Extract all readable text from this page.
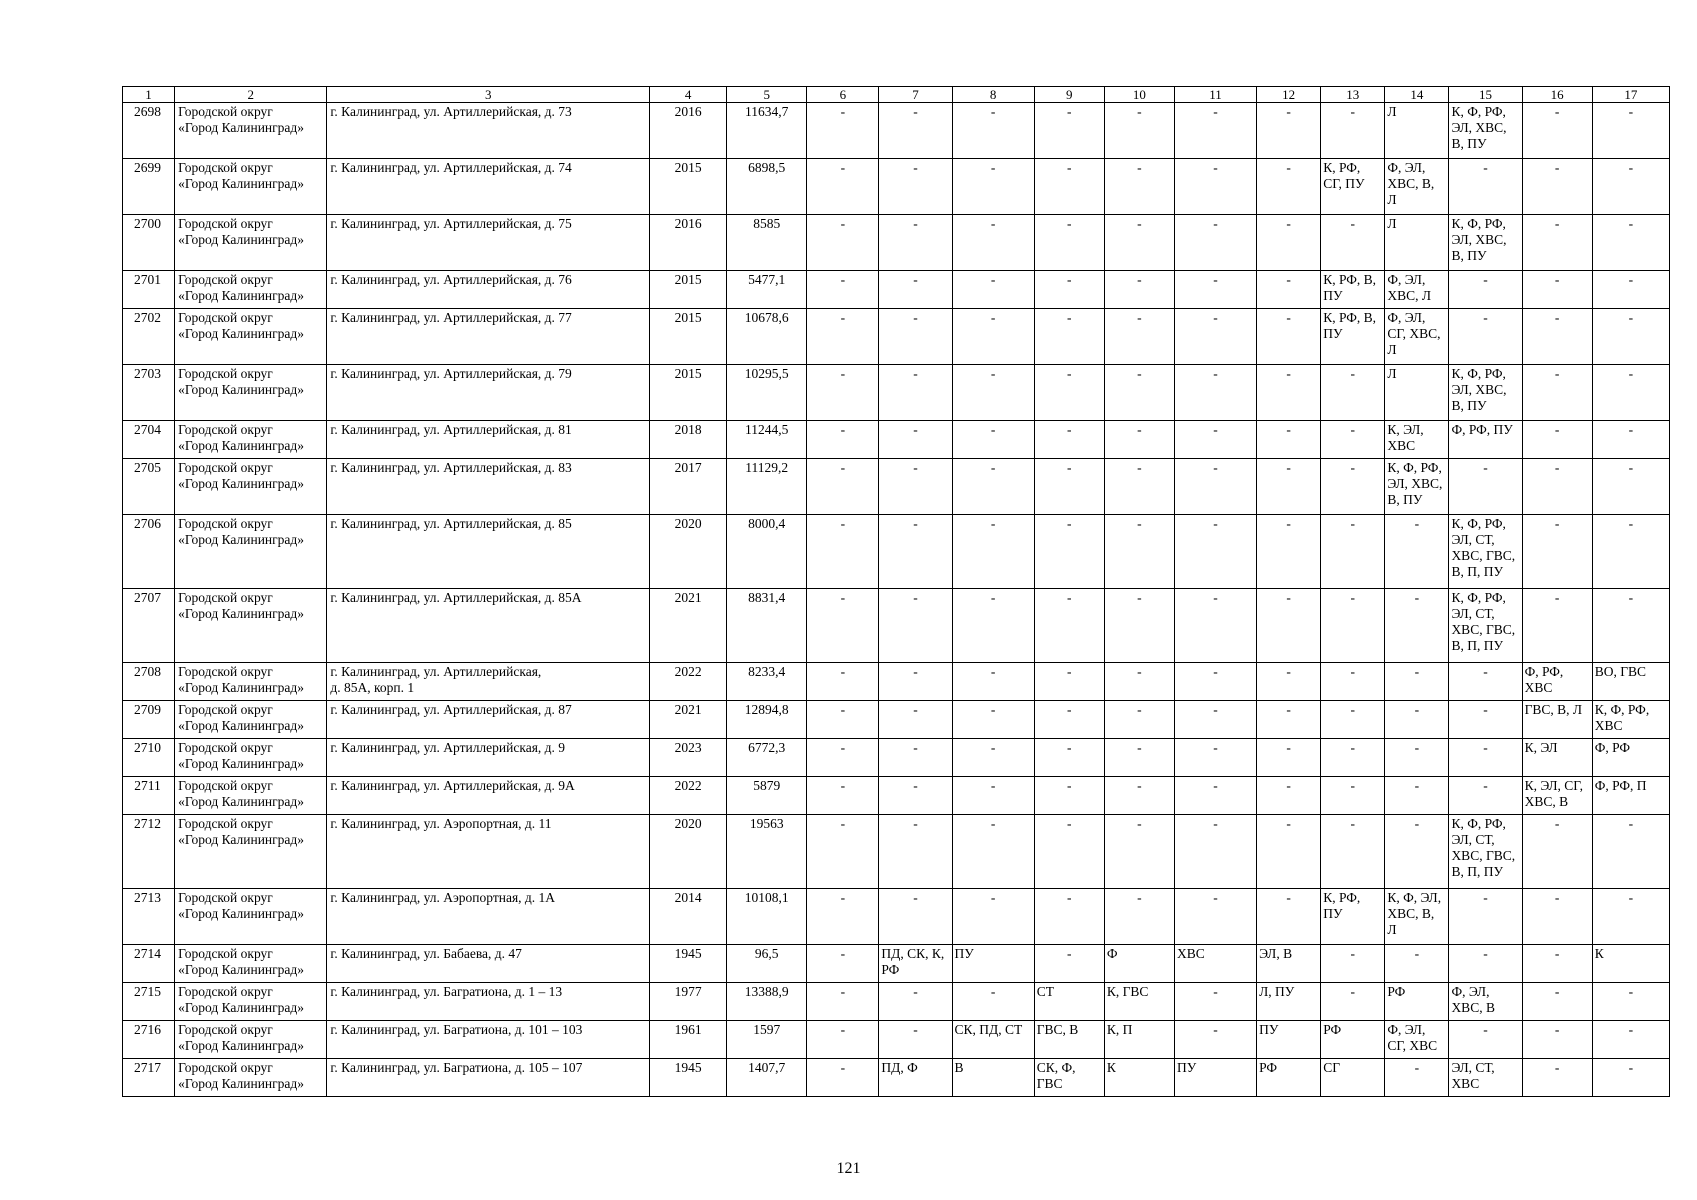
1	2	3	4	5	6	7	8	9	10	11	12	13	14	15	16	17
2698	Городской округ
«Город Калининград»	г. Калининград, ул. Артиллерийская, д. 73	2016	11634,7	-	-	-	-	-	-	-	-	Л	К, Ф, РФ,
ЭЛ, ХВС,
В, ПУ	-	-
2699	Городской округ
«Город Калининград»	г. Калининград, ул. Артиллерийская, д. 74	2015	6898,5	-	-	-	-	-	-	-	К, РФ,
СГ, ПУ	Ф, ЭЛ,
ХВС, В,
Л	-	-	-
2700	Городской округ
«Город Калининград»	г. Калининград, ул. Артиллерийская, д. 75	2016	8585	-	-	-	-	-	-	-	-	Л	К, Ф, РФ,
ЭЛ, ХВС,
В, ПУ	-	-
2701	Городской округ
«Город Калининград»	г. Калининград, ул. Артиллерийская, д. 76	2015	5477,1	-	-	-	-	-	-	-	К, РФ, В,
ПУ	Ф, ЭЛ,
ХВС, Л	-	-	-
2702	Городской округ
«Город Калининград»	г. Калининград, ул. Артиллерийская, д. 77	2015	10678,6	-	-	-	-	-	-	-	К, РФ, В,
ПУ	Ф, ЭЛ,
СГ, ХВС,
Л	-	-	-
2703	Городской округ
«Город Калининград»	г. Калининград, ул. Артиллерийская, д. 79	2015	10295,5	-	-	-	-	-	-	-	-	Л	К, Ф, РФ,
ЭЛ, ХВС,
В, ПУ	-	-
2704	Городской округ
«Город Калининград»	г. Калининград, ул. Артиллерийская, д. 81	2018	11244,5	-	-	-	-	-	-	-	-	К, ЭЛ,
ХВС	Ф, РФ, ПУ	-	-
2705	Городской округ
«Город Калининград»	г. Калининград, ул. Артиллерийская, д. 83	2017	11129,2	-	-	-	-	-	-	-	-	К, Ф, РФ,
ЭЛ, ХВС,
В, ПУ	-	-	-
2706	Городской округ
«Город Калининград»	г. Калининград, ул. Артиллерийская, д. 85	2020	8000,4	-	-	-	-	-	-	-	-	-	К, Ф, РФ,
ЭЛ, СТ,
ХВС, ГВС,
В, П, ПУ	-	-
2707	Городской округ
«Город Калининград»	г. Калининград, ул. Артиллерийская, д. 85А	2021	8831,4	-	-	-	-	-	-	-	-	-	К, Ф, РФ,
ЭЛ, СТ,
ХВС, ГВС,
В, П, ПУ	-	-
2708	Городской округ
«Город Калининград»	г. Калининград, ул. Артиллерийская,
д. 85А, корп. 1	2022	8233,4	-	-	-	-	-	-	-	-	-	-	Ф, РФ,
ХВС	ВО, ГВС
2709	Городской округ
«Город Калининград»	г. Калининград, ул. Артиллерийская, д. 87	2021	12894,8	-	-	-	-	-	-	-	-	-	-	ГВС, В, Л	К, Ф, РФ,
ХВС
2710	Городской округ
«Город Калининград»	г. Калининград, ул. Артиллерийская, д. 9	2023	6772,3	-	-	-	-	-	-	-	-	-	-	К, ЭЛ	Ф, РФ
2711	Городской округ
«Город Калининград»	г. Калининград, ул. Артиллерийская, д. 9А	2022	5879	-	-	-	-	-	-	-	-	-	-	К, ЭЛ, СГ,
ХВС, В	Ф, РФ, П
2712	Городской округ
«Город Калининград»	г. Калининград, ул. Аэропортная, д. 11	2020	19563	-	-	-	-	-	-	-	-	-	К, Ф, РФ,
ЭЛ, СТ,
ХВС, ГВС,
В, П, ПУ	-	-
2713	Городской округ
«Город Калининград»	г. Калининград, ул. Аэропортная, д. 1А	2014	10108,1	-	-	-	-	-	-	-	К, РФ,
ПУ	К, Ф, ЭЛ,
ХВС, В,
Л	-	-	-
2714	Городской округ
«Город Калининград»	г. Калининград, ул. Бабаева, д. 47	1945	96,5	-	ПД, СК, К,
РФ	ПУ	-	Ф	ХВС	ЭЛ, В	-	-	-	-	К
2715	Городской округ
«Город Калининград»	г. Калининград, ул. Багратиона, д. 1 – 13	1977	13388,9	-	-	-	СТ	К, ГВС	-	Л, ПУ	-	РФ	Ф, ЭЛ,
ХВС, В	-	-
2716	Городской округ
«Город Калининград»	г. Калининград, ул. Багратиона, д. 101 – 103	1961	1597	-	-	СК, ПД, СТ	ГВС, В	К, П	-	ПУ	РФ	Ф, ЭЛ,
СГ, ХВС	-	-	-
2717	Городской округ
«Город Калининград»	г. Калининград, ул. Багратиона, д. 105 – 107	1945	1407,7	-	ПД, Ф	В	СК, Ф,
ГВС	К	ПУ	РФ	СГ	-	ЭЛ, СТ,
ХВС	-	-
121
